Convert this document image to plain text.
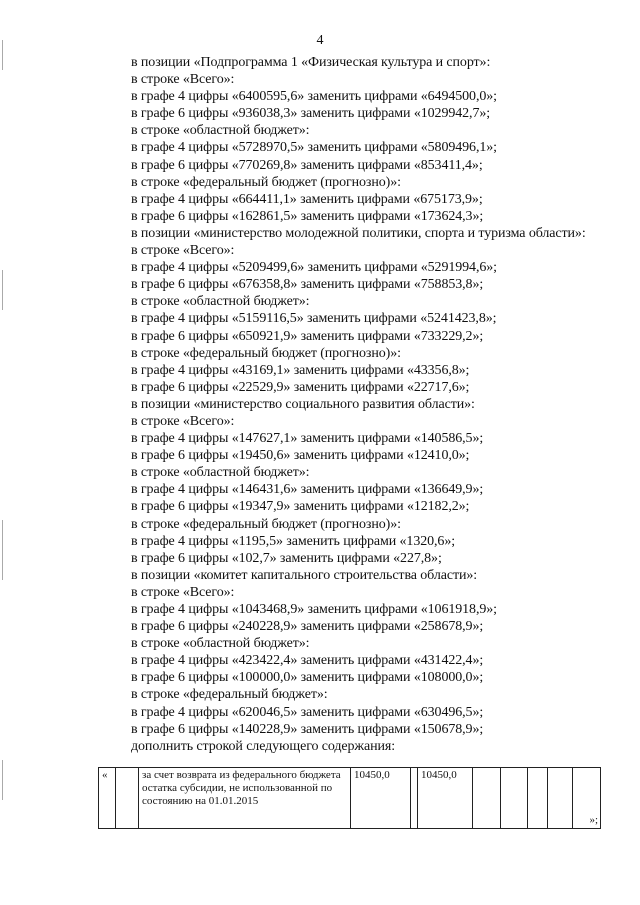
4
в позиции «Подпрограмма 1 «Физическая культура и спорт»:
в строке «Всего»:
в графе 4 цифры «6400595,6» заменить цифрами «6494500,0»;
в графе 6 цифры «936038,3» заменить цифрами «1029942,7»;
в строке «областной бюджет»:
в графе 4 цифры «5728970,5» заменить цифрами «5809496,1»;
в графе 6 цифры «770269,8» заменить цифрами «853411,4»;
в строке «федеральный бюджет (прогнозно)»:
в графе 4 цифры «664411,1» заменить цифрами «675173,9»;
в графе 6 цифры «162861,5» заменить цифрами «173624,3»;
в позиции «министерство молодежной политики, спорта и туризма области»:
в строке «Всего»:
в графе 4 цифры «5209499,6» заменить цифрами «5291994,6»;
в графе 6 цифры «676358,8» заменить цифрами «758853,8»;
в строке «областной бюджет»:
в графе 4 цифры «5159116,5» заменить цифрами «5241423,8»;
в графе 6 цифры «650921,9» заменить цифрами «733229,2»;
в строке «федеральный бюджет (прогнозно)»:
в графе 4 цифры «43169,1» заменить цифрами «43356,8»;
в графе 6 цифры «22529,9» заменить цифрами «22717,6»;
в позиции «министерство социального развития области»:
в строке «Всего»:
в графе 4 цифры «147627,1» заменить цифрами «140586,5»;
в графе 6 цифры «19450,6» заменить цифрами «12410,0»;
в строке «областной бюджет»:
в графе 4 цифры «146431,6» заменить цифрами «136649,9»;
в графе 6 цифры «19347,9» заменить цифрами «12182,2»;
в строке «федеральный бюджет (прогнозно)»:
в графе 4 цифры «1195,5» заменить цифрами «1320,6»;
в графе 6 цифры «102,7» заменить цифрами «227,8»;
в позиции «комитет капитального строительства области»:
в строке «Всего»:
в графе 4 цифры «1043468,9» заменить цифрами «1061918,9»;
в графе 6 цифры «240228,9» заменить цифрами «258678,9»;
в строке «областной бюджет»:
в графе 4 цифры «423422,4» заменить цифрами «431422,4»;
в графе 6 цифры «100000,0» заменить цифрами «108000,0»;
в строке «федеральный бюджет»:
в графе 4 цифры «620046,5» заменить цифрами «630496,5»;
в графе 6 цифры «140228,9» заменить цифрами «150678,9»;
дополнить строкой следующего содержания:
«		за счет возврата из федерального бюджета остатка субсидии, не использованной по состоянию на 01.01.2015	10450,0		10450,0					»;
